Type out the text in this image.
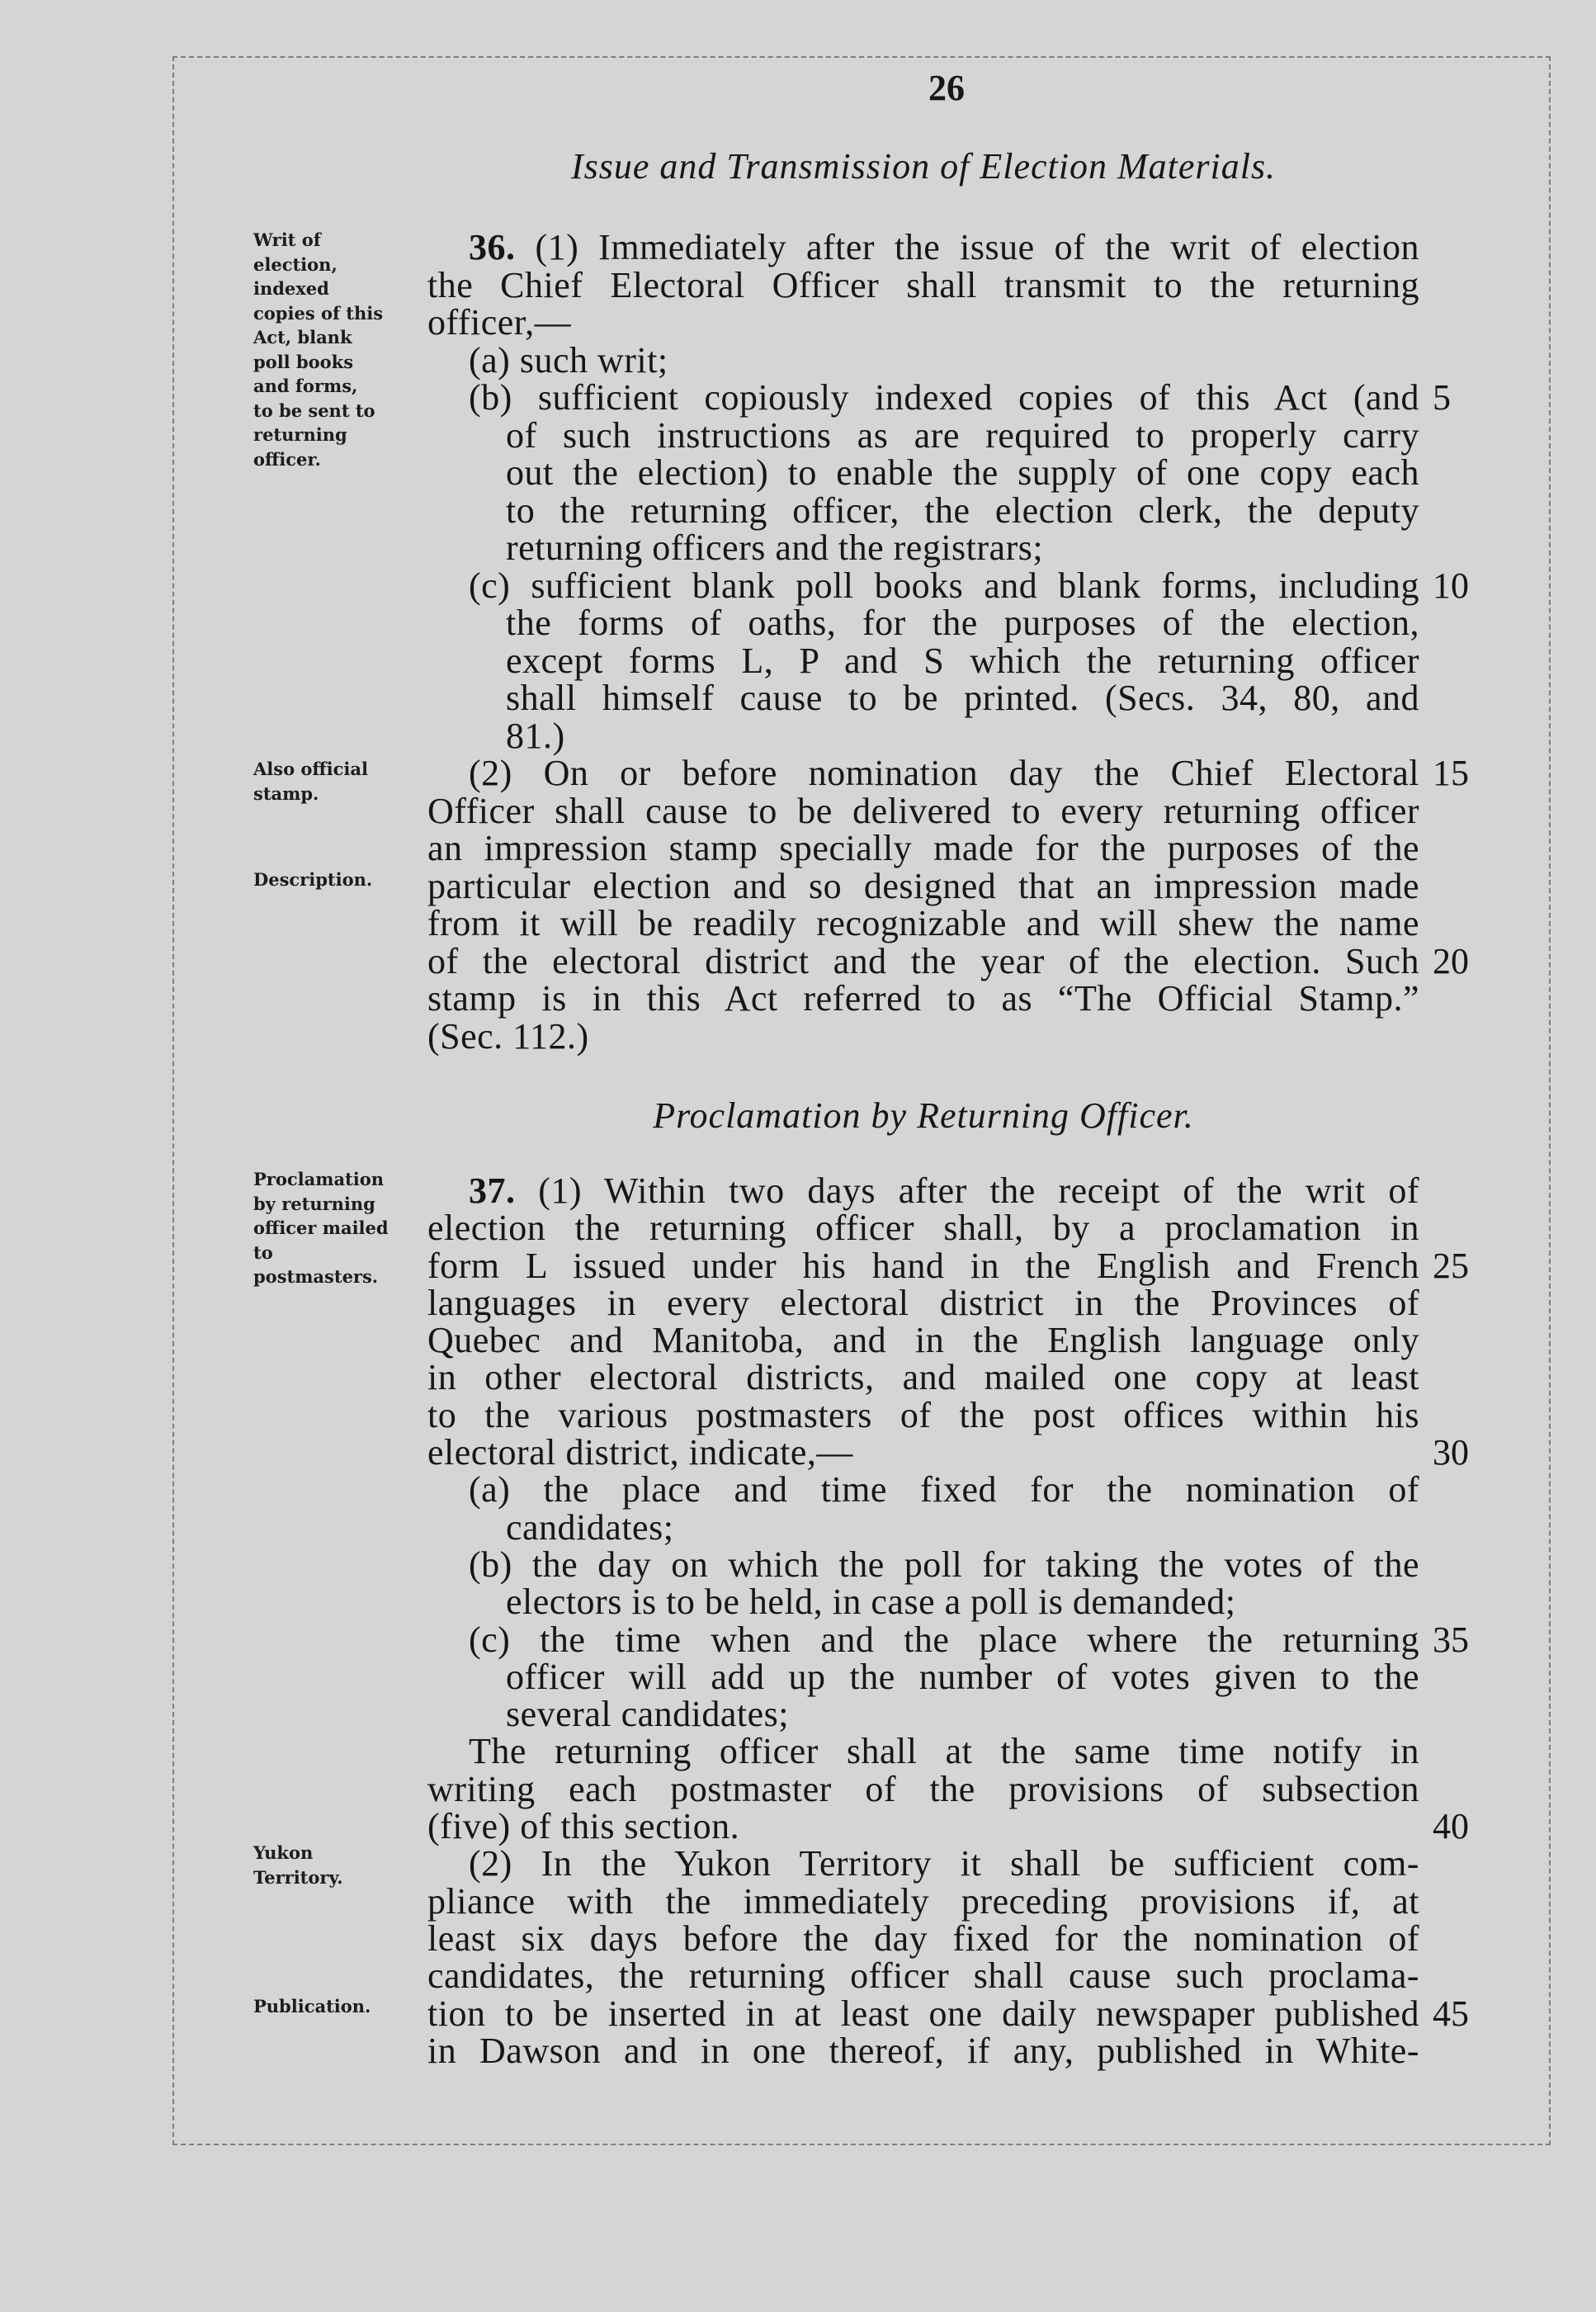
26
Issue and Transmission of Election Materials.
Writ of
election,
indexed
copies of this
Act, blank
poll books
and forms,
to be sent to
returning
officer.
Also official
stamp.
Description.
Proclamation
by returning
officer mailed
to
postmasters.
Yukon
Territory.
Publication.
36. (1) Immediately after the issue of the writ of election
the Chief Electoral Officer shall transmit to the returning
officer,—
(a) such writ;
(b) sufficient copiously indexed copies of this Act (and 5
of such instructions as are required to properly carry
out the election) to enable the supply of one copy each
to the returning officer, the election clerk, the deputy
returning officers and the registrars;
(c) sufficient blank poll books and blank forms, including 10
the forms of oaths, for the purposes of the election,
except forms L, P and S which the returning officer
shall himself cause to be printed. (Secs. 34, 80, and
81.)
(2) On or before nomination day the Chief Electoral 15
Officer shall cause to be delivered to every returning officer
an impression stamp specially made for the purposes of the
particular election and so designed that an impression made
from it will be readily recognizable and will shew the name
of the electoral district and the year of the election. Such 20
stamp is in this Act referred to as “The Official Stamp.”
(Sec. 112.)
Proclamation by Returning Officer.
37. (1) Within two days after the receipt of the writ of
election the returning officer shall, by a proclamation in
form L issued under his hand in the English and French 25
languages in every electoral district in the Provinces of
Quebec and Manitoba, and in the English language only
in other electoral districts, and mailed one copy at least
to the various postmasters of the post offices within his
electoral district, indicate,—	30
(a) the place and time fixed for the nomination of
candidates;
(b) the day on which the poll for taking the votes of the
electors is to be held, in case a poll is demanded;
(c) the time when and the place where the returning 35
officer will add up the number of votes given to the
several candidates;
The returning officer shall at the same time notify in
writing each postmaster of the provisions of subsection
(five) of this section.	40
(2) In the Yukon Territory it shall be sufficient com-
pliance with the immediately preceding provisions if, at
least six days before the day fixed for the nomination of
candidates, the returning officer shall cause such proclama-
tion to be inserted in at least one daily newspaper published 45
in Dawson and in one thereof, if any, published in White-
